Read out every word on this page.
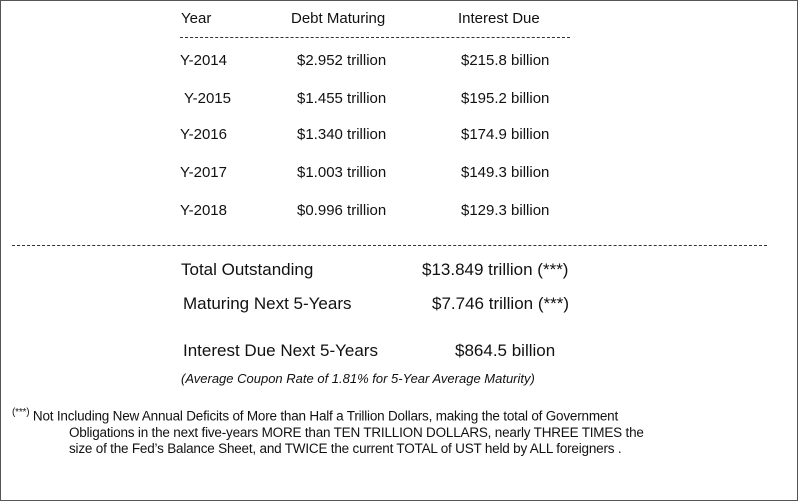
Year	Debt Maturing	Interest Due
Y-2014	$2.952 trillion	$215.8 billion
Y-2015	$1.455 trillion	$195.2 billion
Y-2016	$1.340 trillion	$174.9 billion
Y-2017	$1.003 trillion	$149.3 billion
Y-2018	$0.996 trillion	$129.3 billion
Total Outstanding	$13.849 trillion (***)
Maturing Next 5-Years	$7.746 trillion (***)
Interest Due Next 5-Years	$864.5 billion
(Average Coupon Rate of 1.81% for 5-Year Average Maturity)
(***) Not Including New Annual Deficits of More than Half a Trillion Dollars, making the total of Government
Obligations in the next five-years MORE than TEN TRILLION DOLLARS, nearly THREE TIMES the
size of the Fed’s Balance Sheet, and TWICE the current TOTAL of UST held by ALL foreigners .
